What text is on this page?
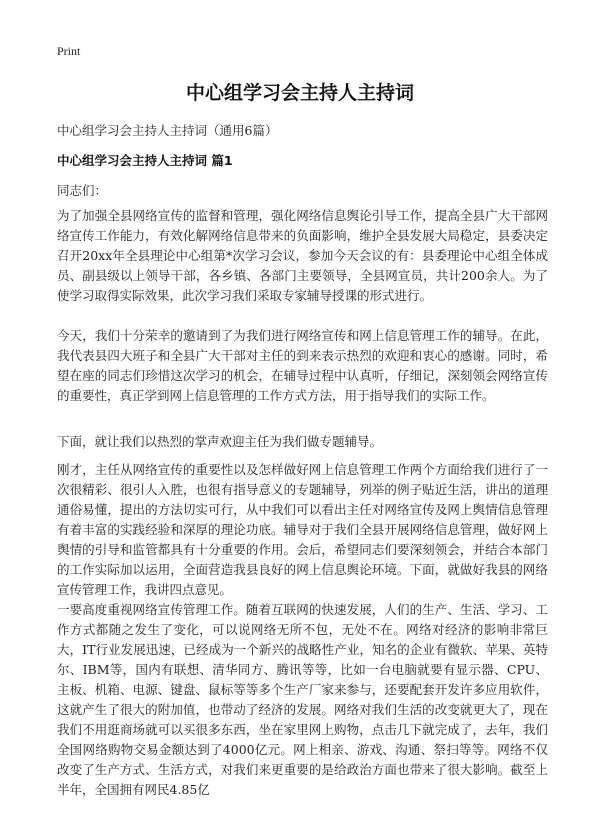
Print
中心组学习会主持人主持词
中心组学习会主持人主持词（通用6篇）
中心组学习会主持人主持词 篇1
同志们：

为了加强全县网络宣传的监督和管理，强化网络信息舆论引导工作，提高全县广大干部网络宣传工作能力，有效化解网络信息带来的负面影响，维护全县发展大局稳定，县委决定召开20xx年全县理论中心组第*次学习会议，参加今天会议的有：县委理论中心组全体成员、副县级以上领导干部，各乡镇、各部门主要领导，全县网宣员，共计200余人。为了使学习取得实际效果，此次学习我们采取专家辅导授课的形式进行。

今天，我们十分荣幸的邀请到了为我们进行网络宣传和网上信息管理工作的辅导。在此，我代表县四大班子和全县广大干部对主任的到来表示热烈的欢迎和衷心的感谢。同时，希望在座的同志们珍惜这次学习的机会，在辅导过程中认真听，仔细记，深刻领会网络宣传的重要性，真正学到网上信息管理的工作方式方法，用于指导我们的实际工作。

下面，就让我们以热烈的掌声欢迎主任为我们做专题辅导。

刚才，主任从网络宣传的重要性以及怎样做好网上信息管理工作两个方面给我们进行了一次很精彩、很引人入胜，也很有指导意义的专题辅导，列举的例子贴近生活，讲出的道理通俗易懂，提出的方法切实可行，从中我们可以看出主任对网络宣传及网上舆情信息管理有着丰富的实践经验和深厚的理论功底。辅导对于我们全县开展网络信息管理，做好网上舆情的引导和监管都具有十分重要的作用。会后，希望同志们要深刻领会，并结合本部门的工作实际加以运用，全面营造我县良好的网上信息舆论环境。下面，就做好我县的网络宣传管理工作，我讲四点意见。

一要高度重视网络宣传管理工作。随着互联网的快速发展，人们的生产、生活、学习、工作方式都随之发生了变化，可以说网络无所不包，无处不在。网络对经济的影响非常巨大，IT行业发展迅速，已经成为一个新兴的战略性产业，知名的企业有微软、苹果、英特尔、IBM等，国内有联想、清华同方、腾讯等等，比如一台电脑就要有显示器、CPU、主板、机箱、电源、键盘、鼠标等等多个生产厂家来参与，还要配套开发许多应用软件，这就产生了很大的附加值，也带动了经济的发展。网络对我们生活的改变就更大了，现在我们不用逛商场就可以买很多东西，坐在家里网上购物，点击几下就完成了，去年，我们全国网络购物交易金额达到了4000亿元。网上相亲、游戏、沟通、祭扫等等。网络不仅改变了生产方式、生活方式，对我们来更重要的是给政治方面也带来了很大影响。截至上半年，全国拥有网民4.85亿
